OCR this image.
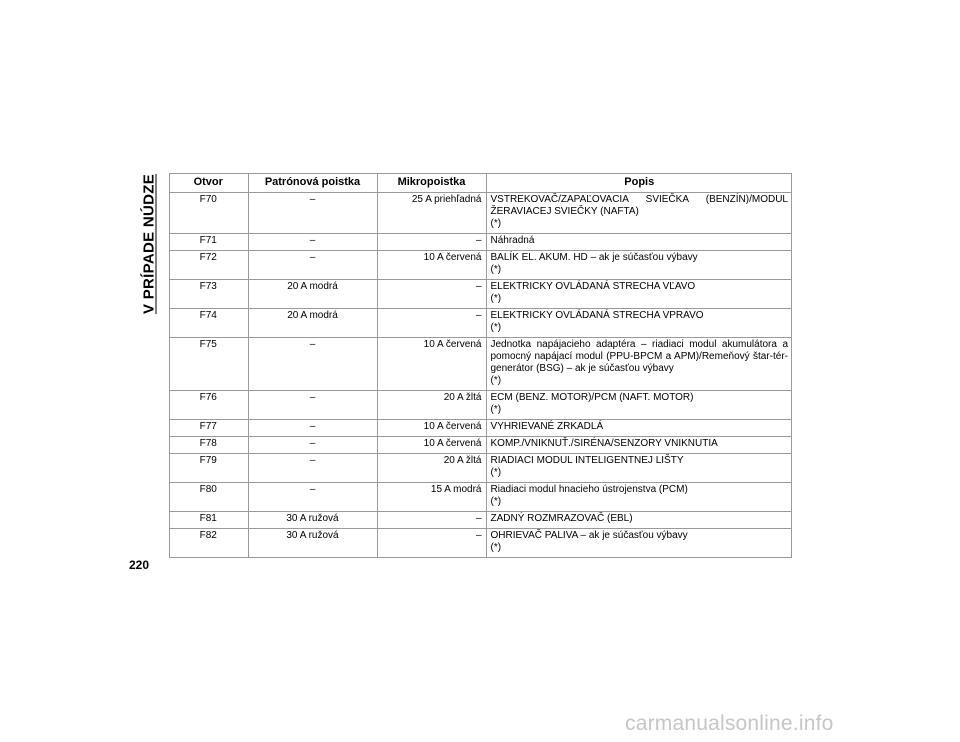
V PRÍPADE NÚDZE	Otvor	Patrónová poistka	Mikropoistka	Popis
F70	–	25 A priehľadná	VSTREKOVAČ/ZAPAĽOVACIA SVIEČKA (BENZÍN)/MODUL ŽERAVIACEJ SVIEČKY (NAFTA)
(*)

F71	–	–	Náhradná
F72	–	10 A červená	BALÍK EL. AKUM. HD – ak je súčasťou výbavy
(*)

F73	20 A modrá	–	ELEKTRICKY OVLÁDANÁ STRECHA VĽAVO
(*)

F74	20 A modrá	–	ELEKTRICKY OVLÁDANÁ STRECHA VPRAVO
(*)

F75	–	10 A červená	Jednotka napájacieho adaptéra – riadiaci modul akumulátora a pomocný napájací modul (PPU-BPCM a APM)/Remeňový štar-tér-generátor (BSG) – ak je súčasťou výbavy
(*)

F76	–	20 A žltá	ECM (BENZ. MOTOR)/PCM (NAFT. MOTOR)
(*)

F77	–	10 A červená	VYHRIEVANÉ ZRKADLÁ
F78	–	10 A červená	KOMP./VNIKNUŤ./SIRÉNA/SENZORY VNIKNUTIA
F79	–	20 A žltá	RIADIACI MODUL INTELIGENTNEJ LIŠTY
(*)

F80	–	15 A modrá	Riadiaci modul hnacieho ústrojenstva (PCM)
(*)

F81	30 A ružová	–	ZADNÝ ROZMRAZOVAČ (EBL)
F82	30 A ružová	–	OHRIEVAČ PALIVA – ak je súčasťou výbavy
(*)
220
carmanualsonline.info
